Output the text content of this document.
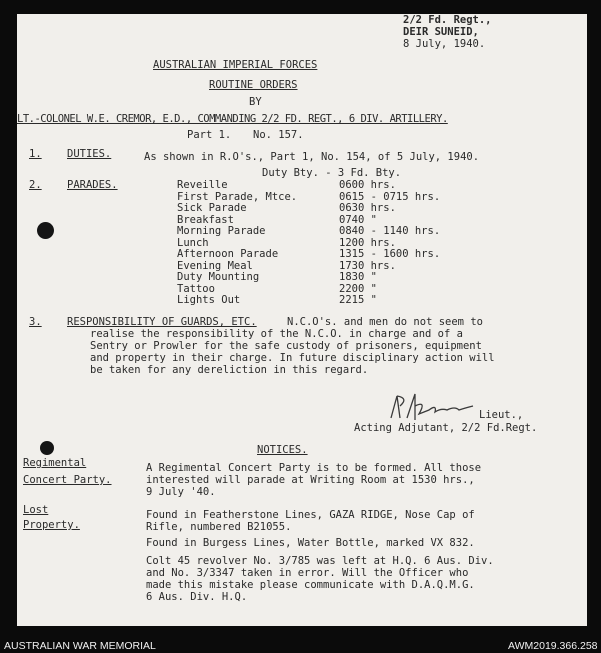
2/2 Fd. Regt.,
DEIR SUNEID,
8 July, 1940.
AUSTRALIAN IMPERIAL FORCES
ROUTINE ORDERS
BY
LT.-COLONEL W.E. CREMOR, E.D., COMMANDING 2/2 FD. REGT., 6 DIV. ARTILLERY.
Part 1. No. 157.
1. DUTIES.	As shown in R.O's., Part 1, No. 154, of 5 July, 1940.
Duty Bty. - 3 Fd. Bty.
2. PARADES.	Reveille	0600 hrs.
First Parade, Mtce.	0615 - 0715 hrs.
Sick Parade	0630 hrs.
Breakfast	0740 "
Morning Parade	0840 - 1140 hrs.
Lunch	1200 hrs.
Afternoon Parade	1315 - 1600 hrs.
Evening Meal	1730 hrs.
Duty Mounting	1830 "
Tattoo	2200 "
Lights Out	2215 "
3. RESPONSIBILITY OF GUARDS, ETC.	N.C.O's. and men do not seem to
realise the responsibility of the N.C.O. in charge and of a
Sentry or Prowler for the safe custody of prisoners, equipment
and property in their charge. In future disciplinary action will
be taken for any dereliction in this regard.
Lieut.,
Acting Adjutant, 2/2 Fd.Regt.
NOTICES.
Regimental
Concert Party.
A Regimental Concert Party is to be formed. All those
interested will parade at Writing Room at 1530 hrs.,
9 July '40.
Lost
Property.
Found in Featherstone Lines, GAZA RIDGE, Nose Cap of
Rifle, numbered B21055.
Found in Burgess Lines, Water Bottle, marked VX 832.
Colt 45 revolver No. 3/785 was left at H.Q. 6 Aus. Div.
and No. 3/3347 taken in error. Will the Officer who
made this mistake please communicate with D.A.Q.M.G.
6 Aus. Div. H.Q.
AUSTRALIAN WAR MEMORIAL	AWM2019.366.258
